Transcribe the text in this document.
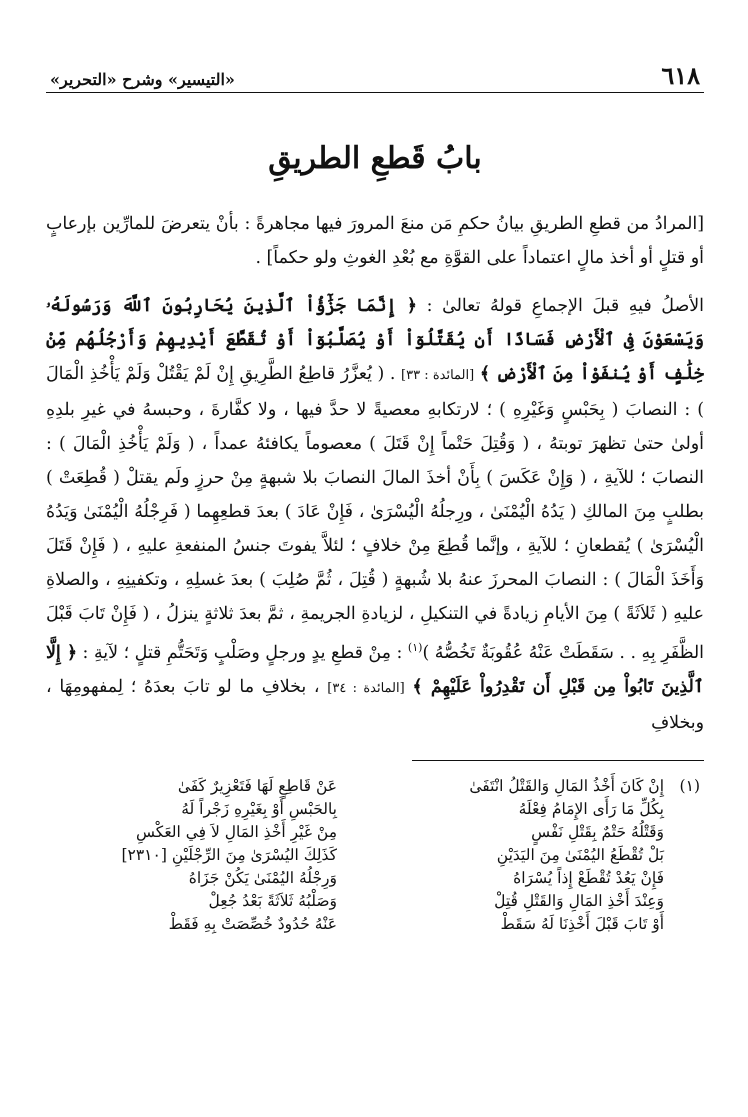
٦١٨
«التيسير» وشرح «التحرير»
بابُ قَطعِ الطريقِ

[المرادُ من قطعِ الطريقِ بيانُ حكمِ مَن منعَ المرورَ فيها مجاهرةً : بأنْ يتعرضَ للمارِّين بإرعابٍ أو قتلٍ أو أخذ مالٍ اعتماداً على القوَّةِ مع بُعْدِ الغوثِ ولو حكماً] .

الأصلُ فيهِ قبلَ الإجماعِ قولهُ تعالىٰ : ﴿ إِنَّمَا جَزَٰٓؤُاْ ٱلَّذِينَ يُحَارِبُونَ ٱللَّهَ وَرَسُولَهُۥ وَيَسْعَوْنَ فِى ٱلْأَرْضِ فَسَادًا أَن يُقَتَّلُوٓاْ أَوْ يُصَلَّبُوٓاْ أَوْ تُقَطَّعَ أَيْدِيهِمْ وَأَرْجُلُهُم مِّنْ خِلَٰفٍ أَوْ يُنفَوْاْ مِنَ ٱلْأَرْضِ ﴾ [المائدة : ٣٣] . ( يُعزَّرُ قاطِعُ الطَّرِيقِ إِنْ لَمْ يَقْتُلْ وَلَمْ يَأْخُذِ الْمَالَ ) : النصابَ ( بِحَبْسٍ وَغَيْرِهِ ) ؛ لارتكابهِ معصيةً لا حدَّ فيها ، ولا كفَّارةَ ، وحبسهُ في غيرِ بلدِهِ أولىٰ حتىٰ تظهرَ توبتهُ ، ( وَقُتِلَ حَتْماً إِنْ قَتَلَ ) معصوماً يكافئهُ عمداً ، ( وَلَمْ يَأْخُذِ الْمَالَ ) : النصابَ ؛ للآيةِ ، ( وَإِنْ عَكَسَ ) بِأَنْ أخذَ المالَ النصابَ بلا شبهةٍ مِنْ حرزٍ ولَم يقتلْ ( قُطِعَتْ ) بطلبٍ مِنَ المالكِ ( يَدُهُ الْيُمْنَىٰ ، ورِجلُهُ الْيُسْرَىٰ ، فَإِنْ عَادَ ) بعدَ قطعِهِما ( فَرِجْلُهُ الْيُمْنَىٰ وَيَدُهُ الْيُسْرَىٰ ) يُقطعانِ ؛ للآيةِ ، وإنَّما قُطِعَ مِنْ خلافٍ ؛ لئلاَّ يفوتَ جنسُ المنفعةِ عليهِ ، ( فَإِنْ قَتَلَ وَأَخَذَ الْمَالَ ) : النصابَ المحرزَ عنهُ بلا شُبهةٍ ( قُتِلَ ، ثُمَّ صُلِبَ ) بعدَ غسلِهِ ، وتكفينِهِ ، والصلاةِ عليهِ ( ثَلاَثَةً ) مِنَ الأيامِ زيادةً في التنكيلِ ، لزيادةِ الجريمةِ ، ثمَّ بعدَ ثلاثةٍ ينزلُ ، ( فَإِنْ تَابَ قَبْلَ الظَّفَرِ بِهِ . . سَقَطَتْ عَنْهُ عُقُوبَةٌ تَخُصُّهُ )$^{(١)}$ : مِنْ قطعِ يدٍ ورجلٍ وصَلْبٍ وَتَحَتُّمِ قتلٍ ؛ لآيةِ : ﴿ إِلَّا ٱلَّذِينَ تَابُواْ مِن قَبْلِ أَن تَقْدِرُواْ عَلَيْهِمْ ﴾ [المائدة : ٣٤] ، بخلافِ ما لو تابَ بعدَهُ ؛ لِمفهومِهَا ، وبخلافِ

(١)
إِنْ كَانَ أَخْذُ المَالِ وَالقَتْلُ انْتَفَىٰ
عَنْ قَاطِعٍ لَهَا فَتَعْزِيرٌ كَفَىٰ
بِكُلِّ مَا رَأَى الإِمَامُ فِعْلَهُ
بِالحَبْسِ أَوْ بِغَيْرِهِ زَجْراً لَهُ
وَقَتْلُهُ حَتْمٌ بِقَتْلِ نَفْسٍ
مِنْ غَيْرِ أَخْذِ المَالِ لاَ فِي العَكْسِ
بَلْ تُقْطَعُ اليُمْنَىٰ مِنَ اليَدَيْنِ
كَذَلِكَ اليُسْرَىٰ مِنَ الرِّجْلَيْنِ [٢٣١٠]
فَإِنْ يَعُدْ تُقْطَعْ إِذاً يُسْرَاهُ
وَرِجْلُهُ اليُمْنَىٰ يَكُنْ جَزَاهُ
وَعِنْدَ أَخْذِ المَالِ وَالقَتْلِ قُتِلْ
وَصَلْبُهُ ثَلاَثَةً بَعْدُ جُعِلْ
أَوْ تَابَ قَبْلَ أَخْذِنَا لَهُ سَقَطْ
عَنْهُ حُدُودٌ خُصِّصَتْ بِهِ فَقَطْ
